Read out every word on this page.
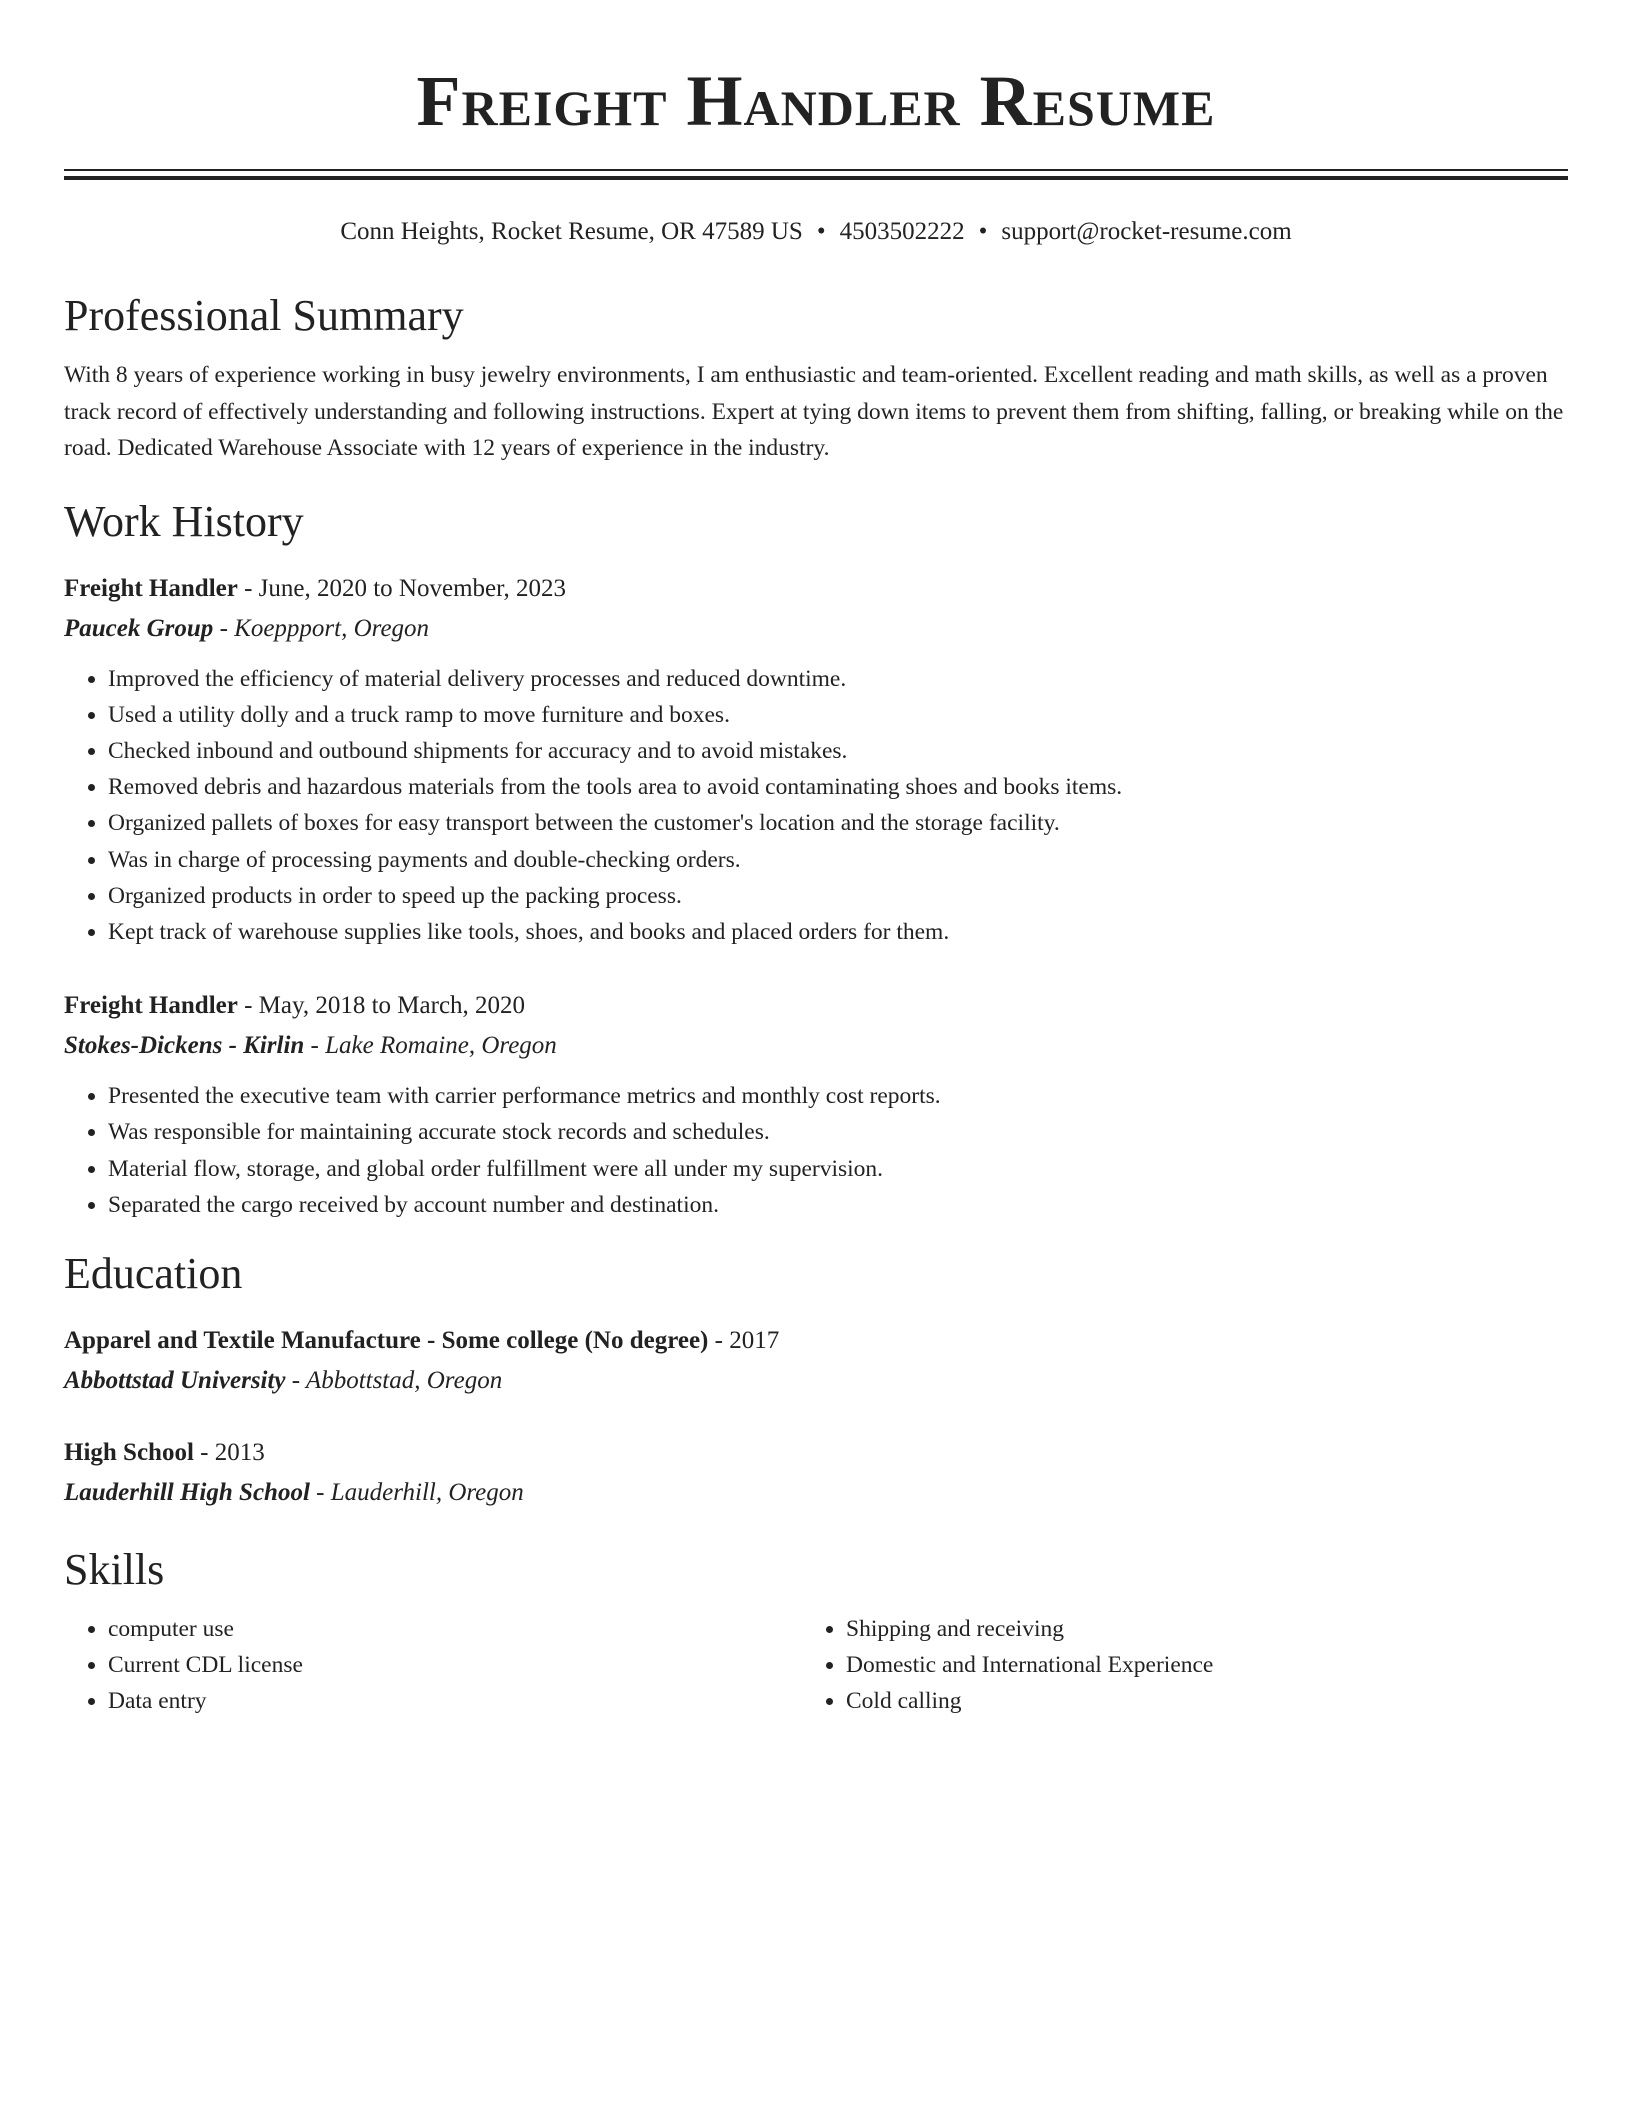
Freight Handler Resume
Conn Heights, Rocket Resume, OR 47589 US • 4503502222 • support@rocket-resume.com
Professional Summary

With 8 years of experience working in busy jewelry environments, I am enthusiastic and team-oriented. Excellent reading and math skills, as well as a proven track record of effectively understanding and following instructions. Expert at tying down items to prevent them from shifting, falling, or breaking while on the road. Dedicated Warehouse Associate with 12 years of experience in the industry.

Work History
Freight Handler - June, 2020 to November, 2023
Paucek Group - Koeppport, Oregon
• Improved the efficiency of material delivery processes and reduced downtime.
• Used a utility dolly and a truck ramp to move furniture and boxes.
• Checked inbound and outbound shipments for accuracy and to avoid mistakes.
• Removed debris and hazardous materials from the tools area to avoid contaminating shoes and books items.
• Organized pallets of boxes for easy transport between the customer's location and the storage facility.
• Was in charge of processing payments and double-checking orders.
• Organized products in order to speed up the packing process.
• Kept track of warehouse supplies like tools, shoes, and books and placed orders for them.
Freight Handler - May, 2018 to March, 2020
Stokes-Dickens - Kirlin - Lake Romaine, Oregon
• Presented the executive team with carrier performance metrics and monthly cost reports.
• Was responsible for maintaining accurate stock records and schedules.
• Material flow, storage, and global order fulfillment were all under my supervision.
• Separated the cargo received by account number and destination.
Education
Apparel and Textile Manufacture - Some college (No degree) - 2017
Abbottstad University - Abbottstad, Oregon
High School - 2013
Lauderhill High School - Lauderhill, Oregon
Skills
• computer use
• Current CDL license
• Data entry
• Shipping and receiving
• Domestic and International Experience
• Cold calling
